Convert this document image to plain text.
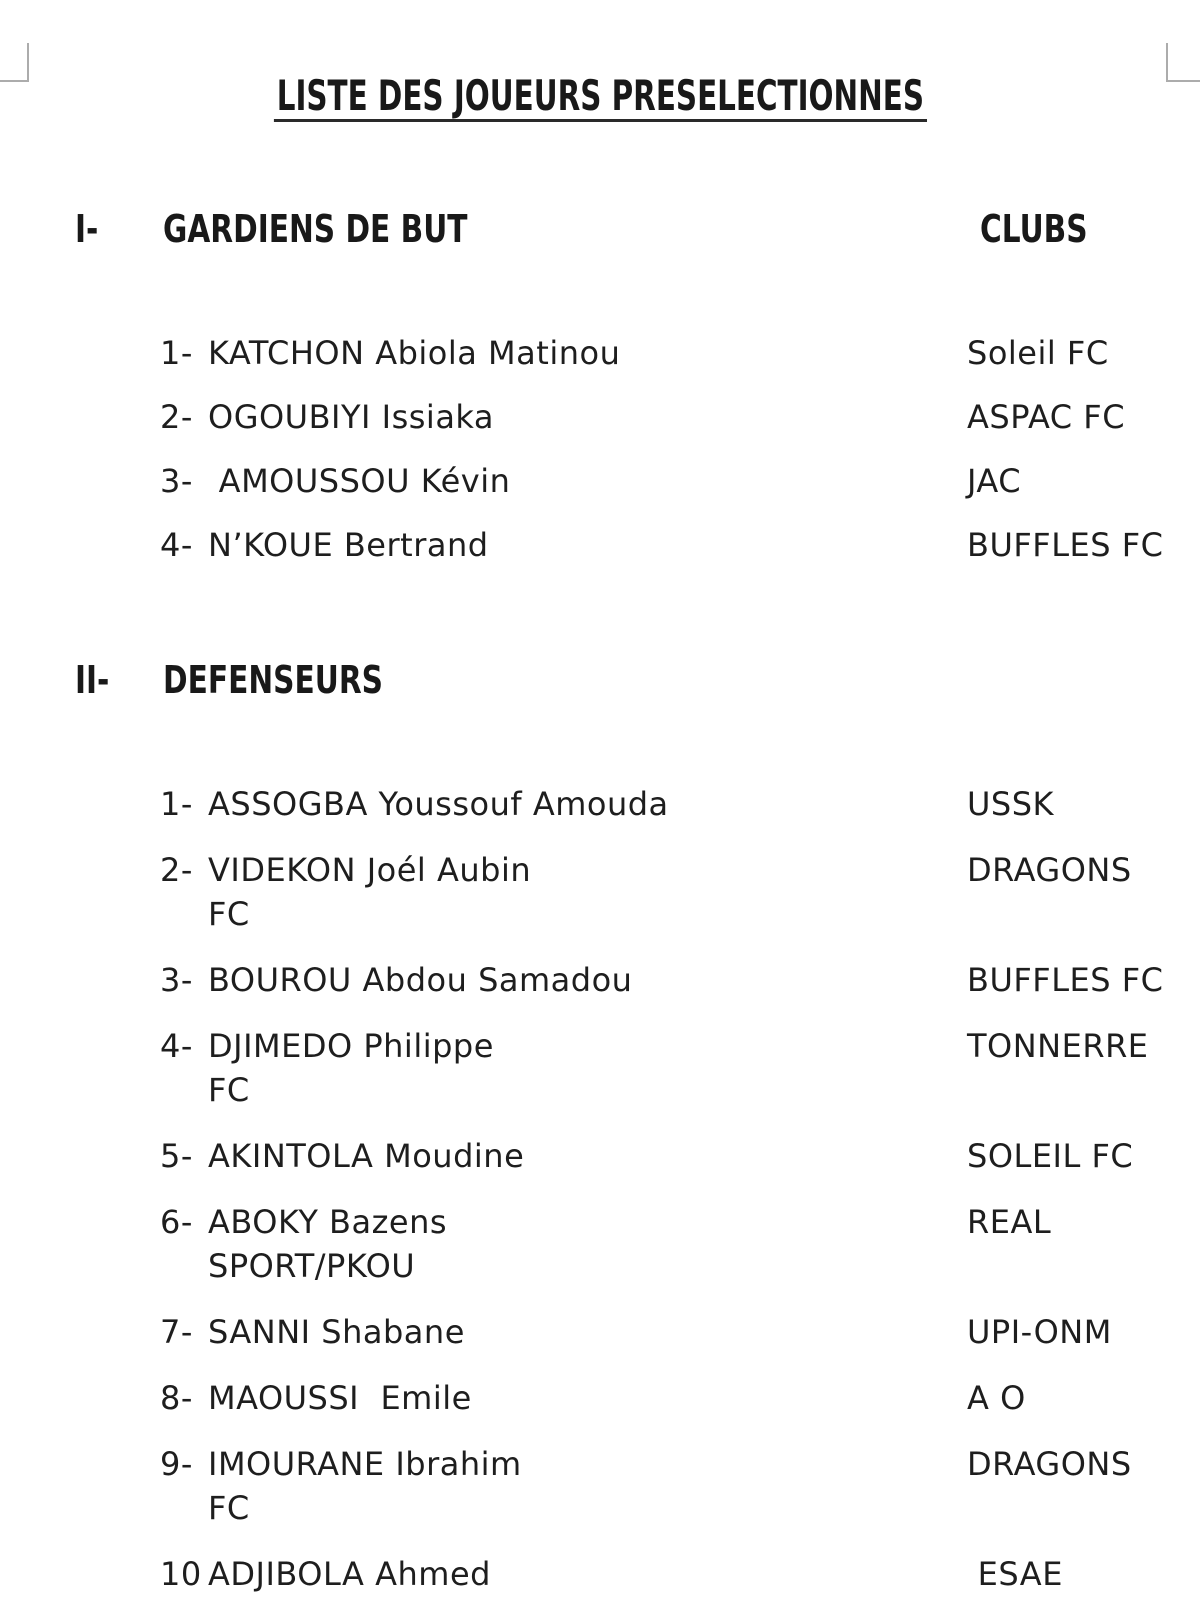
LISTE DES JOUEURS PRESELECTIONNES
I- GARDIENS DE BUT	CLUBS
1- KATCHON Abiola Matinou	Soleil FC
2- OGOUBIYI Issiaka	ASPAC FC
3- AMOUSSOU Kévin	JAC
4- N’KOUE Bertrand	BUFFLES FC
II- DEFENSEURS
1- ASSOGBA Youssouf Amouda	USSK
2- VIDEKON Joél Aubin	DRAGONS
FC
3- BOUROU Abdou Samadou	BUFFLES FC
4- DJIMEDO Philippe	TONNERRE
FC
5- AKINTOLA Moudine	SOLEIL FC
6- ABOKY Bazens	REAL
SPORT/PKOU
7- SANNI Shabane	UPI-ONM
8- MAOUSSI  Emile	A O
9- IMOURANE Ibrahim	DRAGONS
FC
10 ADJIBOLA Ahmed	ESAE
